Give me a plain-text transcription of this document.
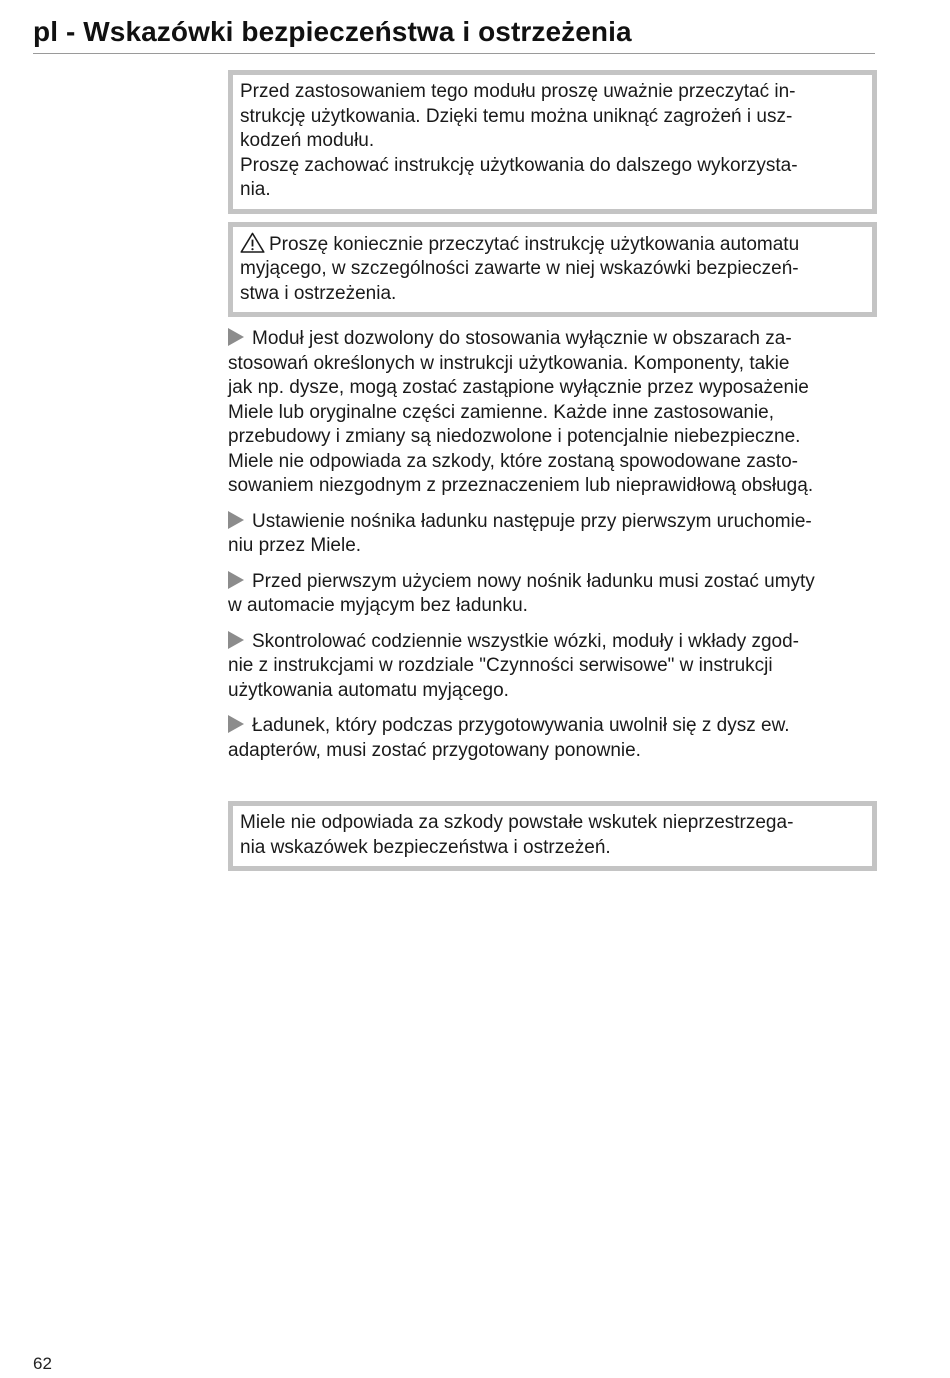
pl - Wskazówki bezpieczeństwa i ostrzeżenia

Przed zastosowaniem tego modułu proszę uważnie przeczytać in-
strukcję użytkowania. Dzięki temu można uniknąć zagrożeń i usz-
kodzeń modułu.
Proszę zachować instrukcję użytkowania do dalszego wykorzysta-
nia.

Proszę koniecznie przeczytać instrukcję użytkowania automatu
myjącego, w szczególności zawarte w niej wskazówki bezpieczeń-
stwa i ostrzeżenia.

Moduł jest dozwolony do stosowania wyłącznie w obszarach za-
stosowań określonych w instrukcji użytkowania. Komponenty, takie
jak np. dysze, mogą zostać zastąpione wyłącznie przez wyposażenie
Miele lub oryginalne części zamienne. Każde inne zastosowanie,
przebudowy i zmiany są niedozwolone i potencjalnie niebezpieczne.
Miele nie odpowiada za szkody, które zostaną spowodowane zasto-
sowaniem niezgodnym z przeznaczeniem lub nieprawidłową obsługą.

Ustawienie nośnika ładunku następuje przy pierwszym uruchomie-
niu przez Miele.

Przed pierwszym użyciem nowy nośnik ładunku musi zostać umyty
w automacie myjącym bez ładunku.

Skontrolować codziennie wszystkie wózki, moduły i wkłady zgod-
nie z instrukcjami w rozdziale "Czynności serwisowe" w instrukcji
użytkowania automatu myjącego.

Ładunek, który podczas przygotowywania uwolnił się z dysz ew.
adapterów, musi zostać przygotowany ponownie.

Miele nie odpowiada za szkody powstałe wskutek nieprzestrzega-
nia wskazówek bezpieczeństwa i ostrzeżeń.

62
